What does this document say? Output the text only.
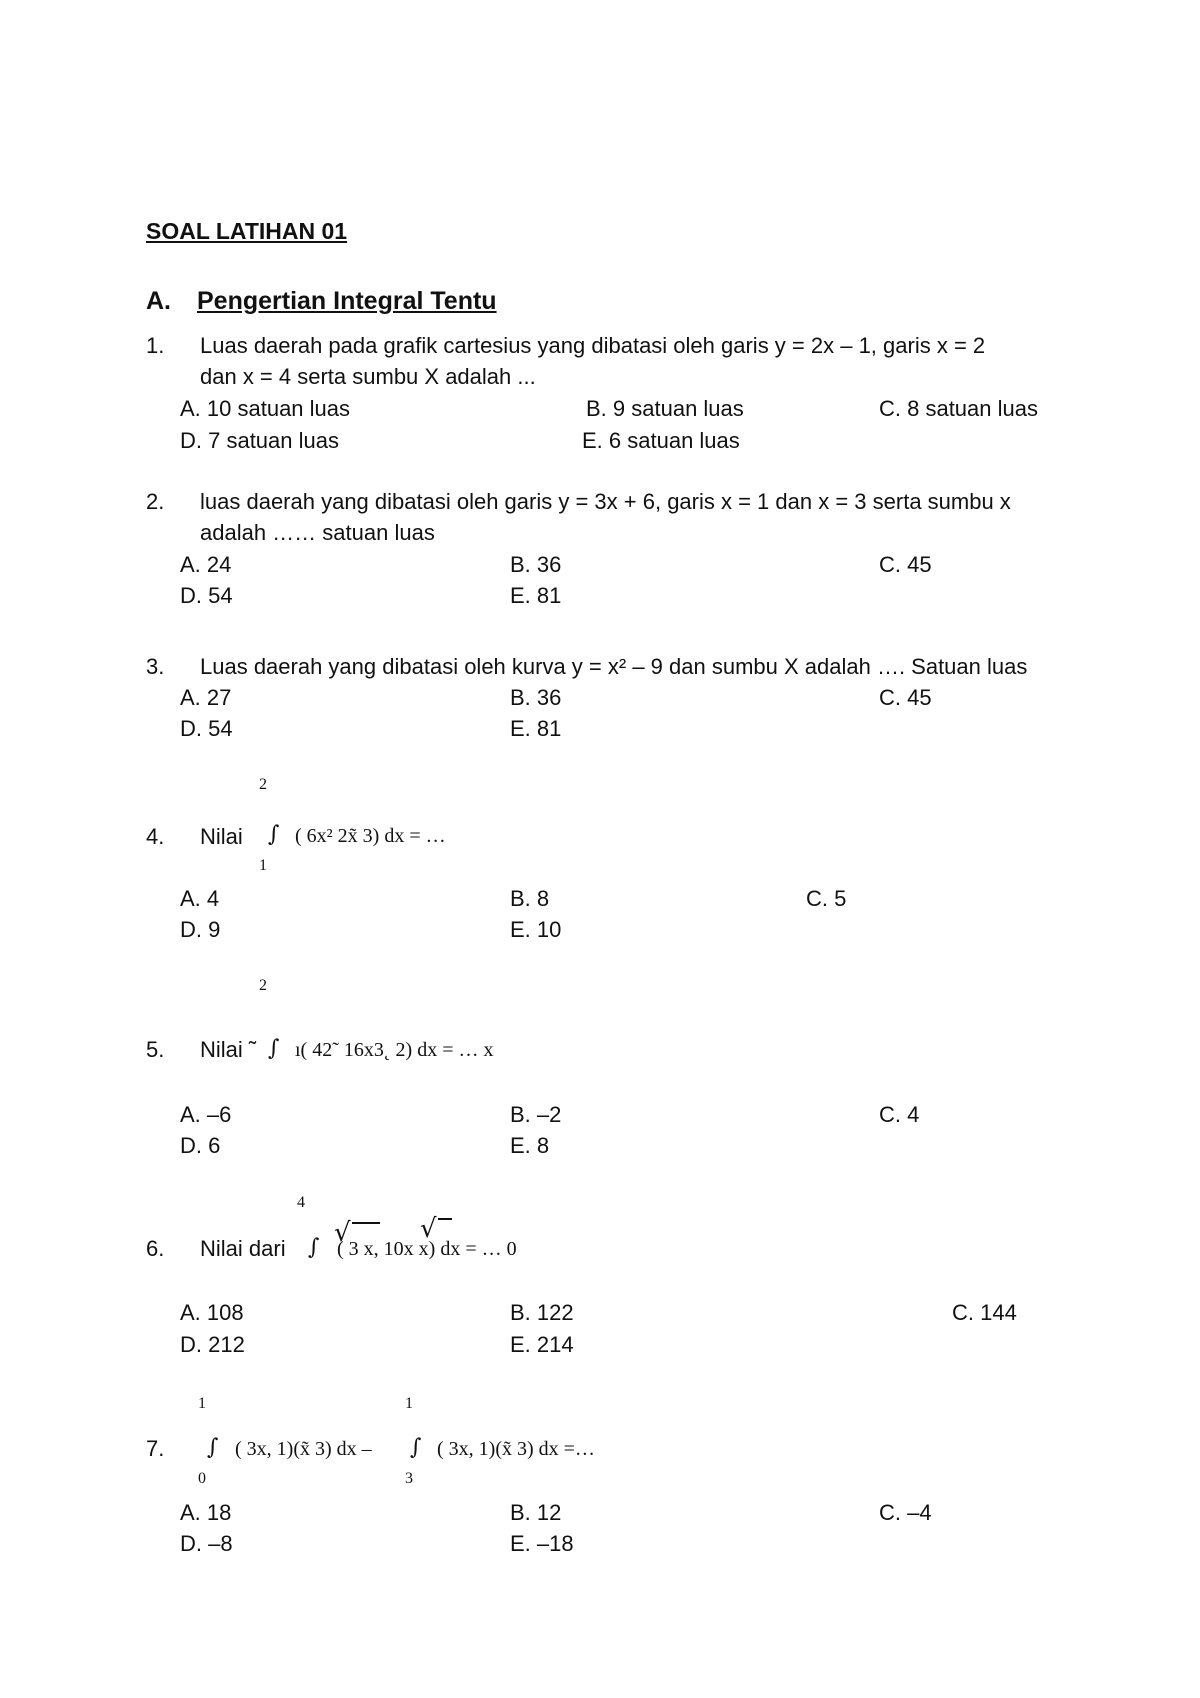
SOAL LATIHAN 01
A. Pengertian Integral Tentu
1. Luas daerah pada grafik cartesius yang dibatasi oleh garis y = 2x – 1, garis x = 2
dan x = 4 serta sumbu X adalah ...
A. 10 satuan luas	B. 9 satuan luas	C. 8 satuan luas
D. 7 satuan luas	E. 6 satuan luas
2. luas daerah yang dibatasi oleh garis y = 3x + 6, garis x = 1 dan x = 3 serta sumbu x
adalah …… satuan luas
A. 24	B. 36	C. 45
D. 54	E. 81
3. Luas daerah yang dibatasi oleh kurva y = x² – 9 dan sumbu X adalah …. Satuan luas
A. 27	B. 36	C. 45
D. 54	E. 81
2
4. Nilai ∫ ( 6x² 2x̃ 3) dx = …
1
A. 4	B. 8	C. 5
D. 9	E. 10
2
5. Nilai ˜ ∫ ı( 42˜ 16x3˛ 2) dx = … x
A. –6	B. –2	C. 4
D. 6	E. 8
4
6. Nilai dari ∫ √	√
( 3 x, 10x x) dx = … 0
A. 108	B. 122	C. 144
D. 212	E. 214
1	1
7. ∫ ( 3x, 1)(x̃ 3) dx – ∫ ( 3x, 1)(x̃ 3) dx =…
0	3
A. 18	B. 12	C. –4
D. –8	E. –18
